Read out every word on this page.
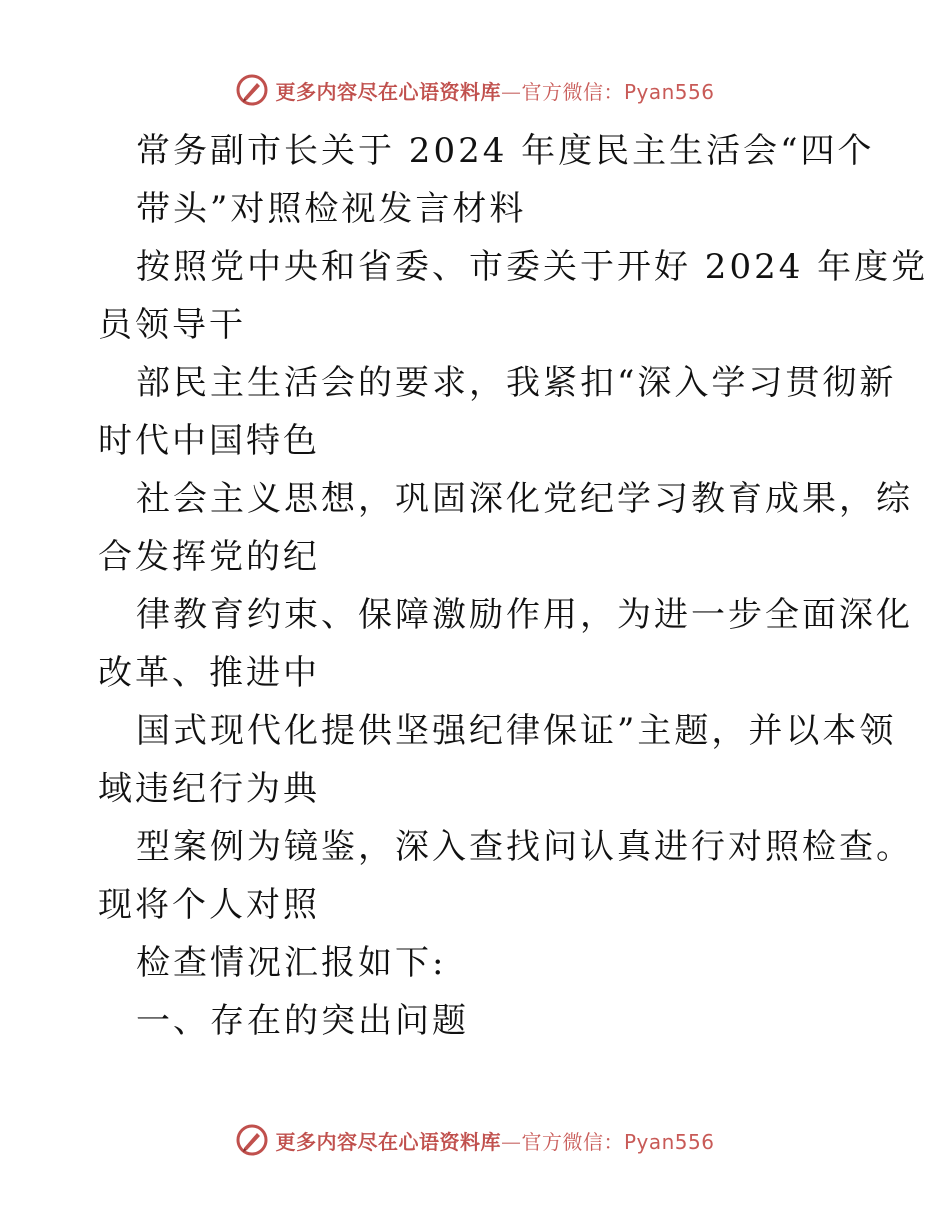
更多内容尽在心语资料库—官方微信：Pyan556
常务副市长关于 2024 年度民主生活会“四个
带头”对照检视发言材料
按照党中央和省委、市委关于开好 2024 年度党
员领导干
部民主生活会的要求，我紧扣“深入学习贯彻新
时代中国特色
社会主义思想，巩固深化党纪学习教育成果，综
合发挥党的纪
律教育约束、保障激励作用，为进一步全面深化
改革、推进中
国式现代化提供坚强纪律保证”主题，并以本领
域违纪行为典
型案例为镜鉴，深入查找问认真进行对照检查。
现将个人对照
检查情况汇报如下:
一、存在的突出问题
更多内容尽在心语资料库—官方微信：Pyan556
